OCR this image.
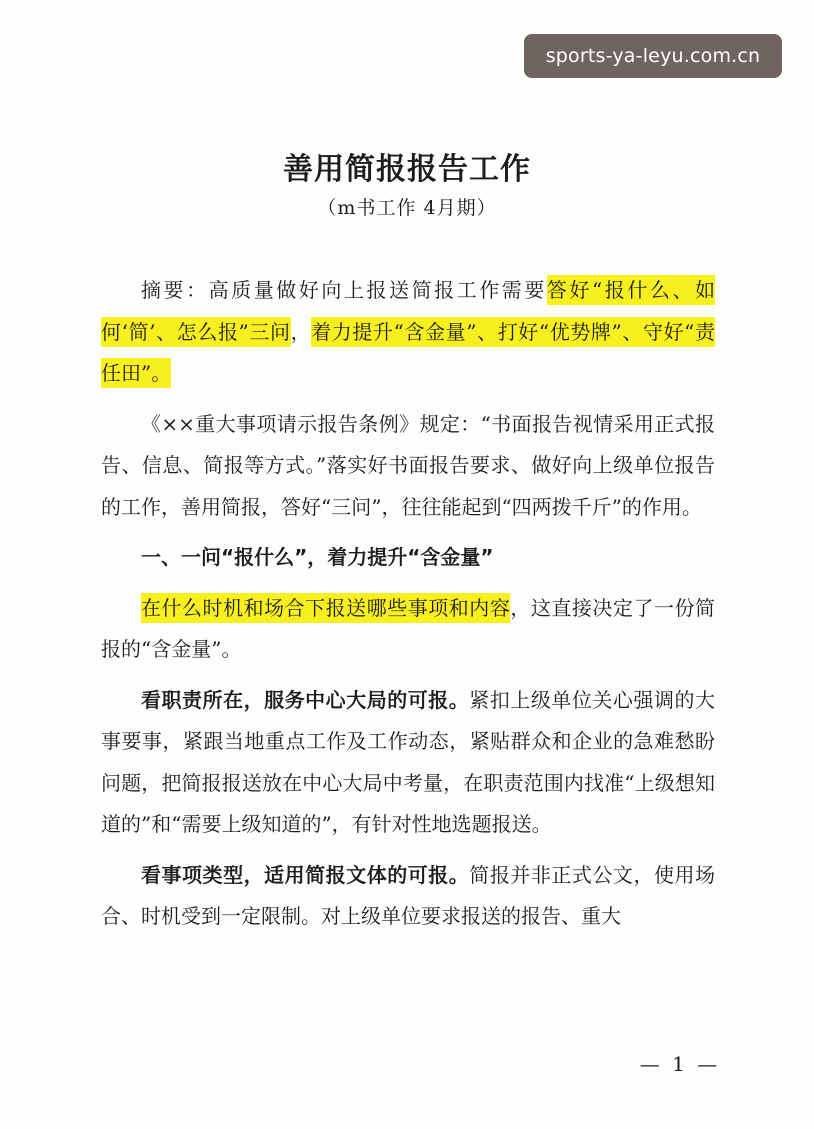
sports-ya-leyu.com.cn
善用简报报告工作
（m书工作 4月期）

摘要：高质量做好向上报送简报工作需要答好“报什么、如何‘简’、怎么报”三问，着力提升“含金量”、打好“优势牌”、守好“责任田”。

《××重大事项请示报告条例》规定：“书面报告视情采用正式报告、信息、简报等方式。”落实好书面报告要求、做好向上级单位报告的工作，善用简报，答好“三问”，往往能起到“四两拨千斤”的作用。

一、一问“报什么”，着力提升“含金量”

在什么时机和场合下报送哪些事项和内容，这直接决定了一份简报的“含金量”。

看职责所在，服务中心大局的可报。紧扣上级单位关心强调的大事要事，紧跟当地重点工作及工作动态，紧贴群众和企业的急难愁盼问题，把简报报送放在中心大局中考量，在职责范围内找准“上级想知道的”和“需要上级知道的”，有针对性地选题报送。

看事项类型，适用简报文体的可报。简报并非正式公文，使用场合、时机受到一定限制。对上级单位要求报送的报告、重大

— 1 —
